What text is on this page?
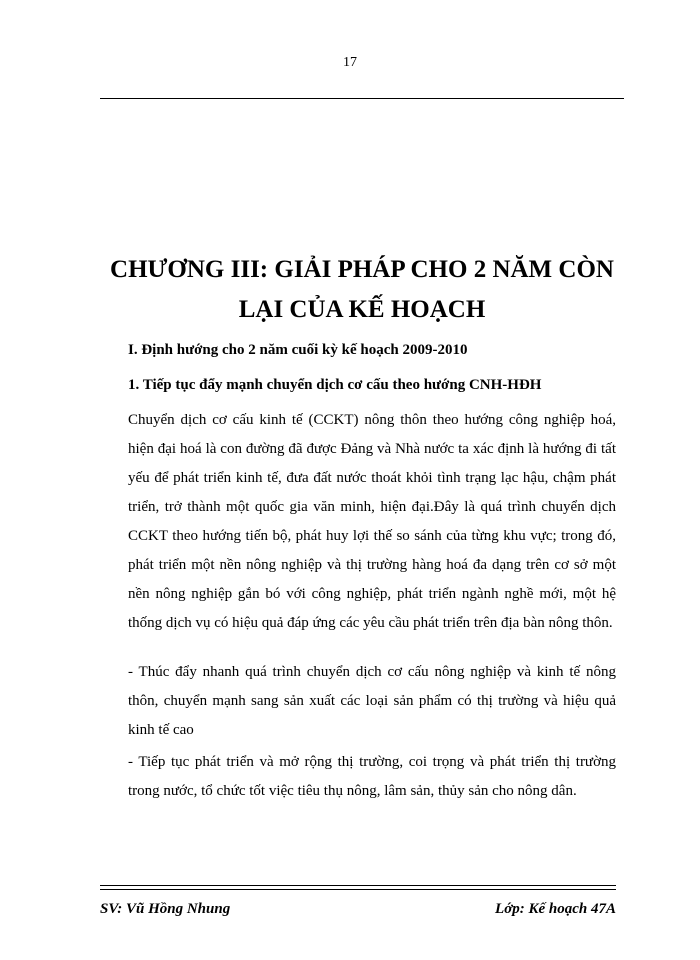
17
CHƯƠNG III: GIẢI PHÁP CHO 2 NĂM CÒN
LẠI CỦA KẾ HOẠCH
I. Định hướng cho 2 năm cuối kỳ kế hoạch 2009-2010
1. Tiếp tục đẩy mạnh chuyển dịch cơ cấu theo hướng CNH-HĐH
Chuyển dịch cơ cấu kinh tế (CCKT) nông thôn theo hướng công nghiệp hoá, hiện đại hoá là con đường đã được Đảng và Nhà nước ta xác định là hướng đi tất yếu để phát triển kinh tế, đưa đất nước thoát khỏi tình trạng lạc hậu, chậm phát triển, trở thành một quốc gia văn minh, hiện đại.Đây là quá trình chuyển dịch CCKT theo hướng tiến bộ, phát huy lợi thế so sánh của từng khu vực; trong đó, phát triển một nền nông nghiệp và thị trường hàng hoá đa dạng trên cơ sở một nền nông nghiệp gắn bó với công nghiệp, phát triển ngành nghề mới, một hệ thống dịch vụ có hiệu quả đáp ứng các yêu cầu phát triển trên địa bàn nông thôn.
- Thúc đẩy nhanh quá trình chuyển dịch cơ cấu nông nghiệp và kinh tế nông thôn, chuyển mạnh sang sản xuất các loại sản phẩm có thị trường và hiệu quả kinh tế cao
- Tiếp tục phát triển và mở rộng thị trường, coi trọng và phát triển thị trường trong nước, tổ chức tốt việc tiêu thụ nông, lâm sản, thủy sản cho nông dân.
SV: Vũ Hồng Nhung	Lớp: Kế hoạch 47A
